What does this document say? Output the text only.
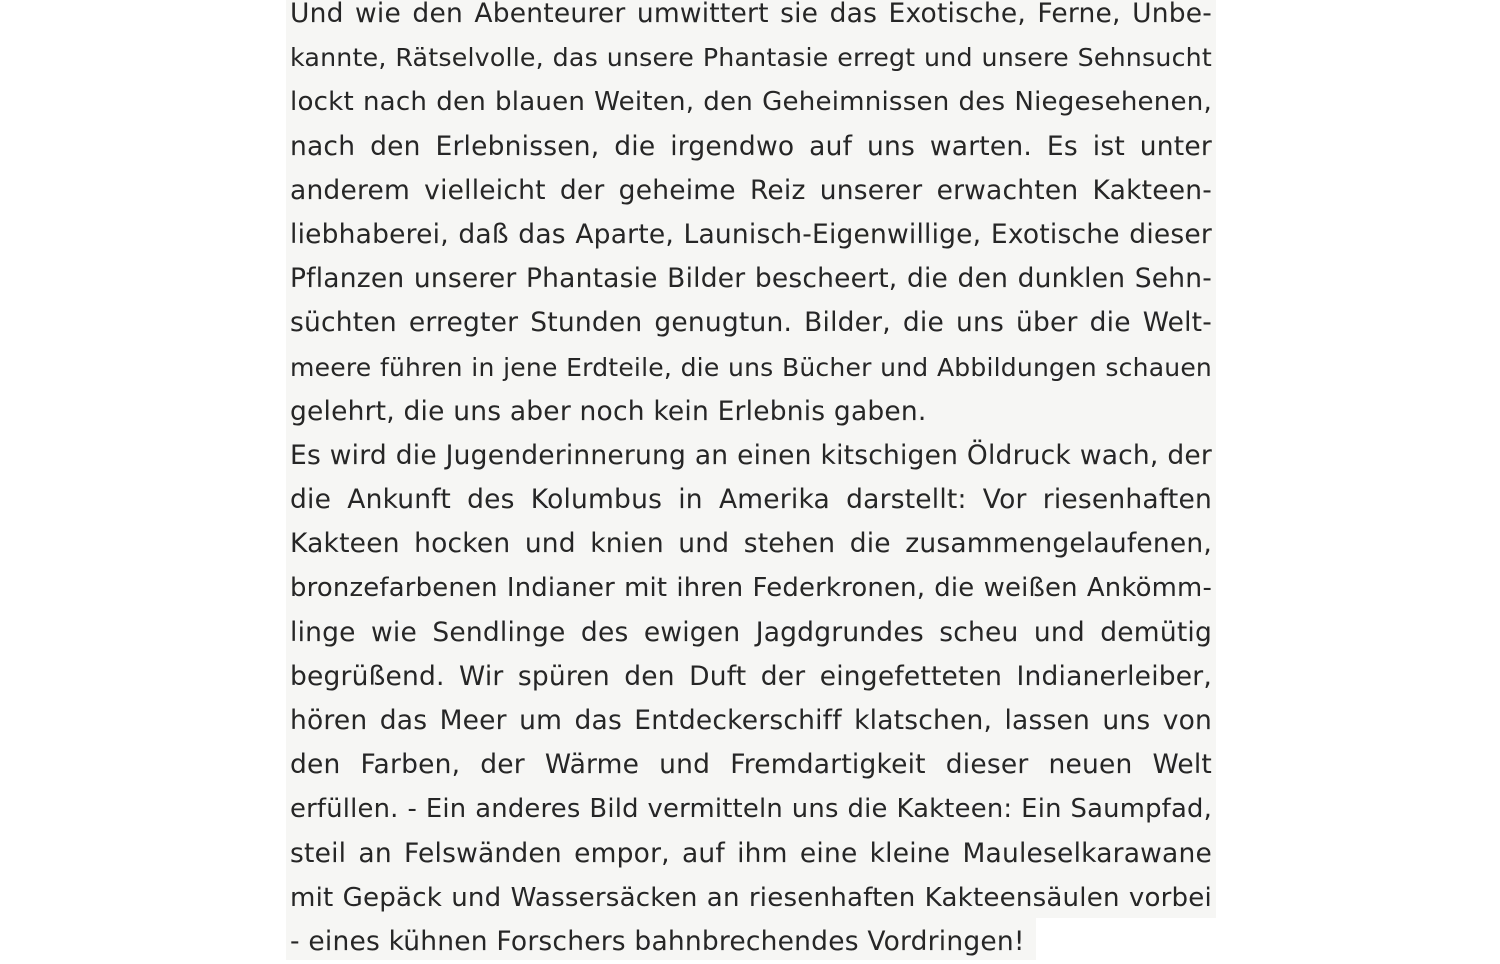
Und wie den Abenteurer umwittert sie das Exotische, Ferne, Unbe-
kannte, Rätselvolle, das unsere Phantasie erregt und unsere Sehnsucht
lockt nach den blauen Weiten, den Geheimnissen des Niegesehenen,
nach den Erlebnissen, die irgendwo auf uns warten. Es ist unter
anderem vielleicht der geheime Reiz unserer erwachten Kakteen-
liebhaberei, daß das Aparte, Launisch-Eigenwillige, Exotische dieser
Pflanzen unserer Phantasie Bilder bescheert, die den dunklen Sehn-
süchten erregter Stunden genugtun. Bilder, die uns über die Welt-
meere führen in jene Erdteile, die uns Bücher und Abbildungen schauen
gelehrt, die uns aber noch kein Erlebnis gaben.
Es wird die Jugenderinnerung an einen kitschigen Öldruck wach, der
die Ankunft des Kolumbus in Amerika darstellt: Vor riesenhaften
Kakteen hocken und knien und stehen die zusammengelaufenen,
bronzefarbenen Indianer mit ihren Federkronen, die weißen Ankömm-
linge wie Sendlinge des ewigen Jagdgrundes scheu und demütig
begrüßend. Wir spüren den Duft der eingefetteten Indianerleiber,
hören das Meer um das Entdeckerschiff klatschen, lassen uns von
den Farben, der Wärme und Fremdartigkeit dieser neuen Welt
erfüllen. - Ein anderes Bild vermitteln uns die Kakteen: Ein Saumpfad,
steil an Felswänden empor, auf ihm eine kleine Mauleselkarawane
mit Gepäck und Wassersäcken an riesenhaften Kakteensäulen vorbei
- eines kühnen Forschers bahnbrechendes Vordringen!
